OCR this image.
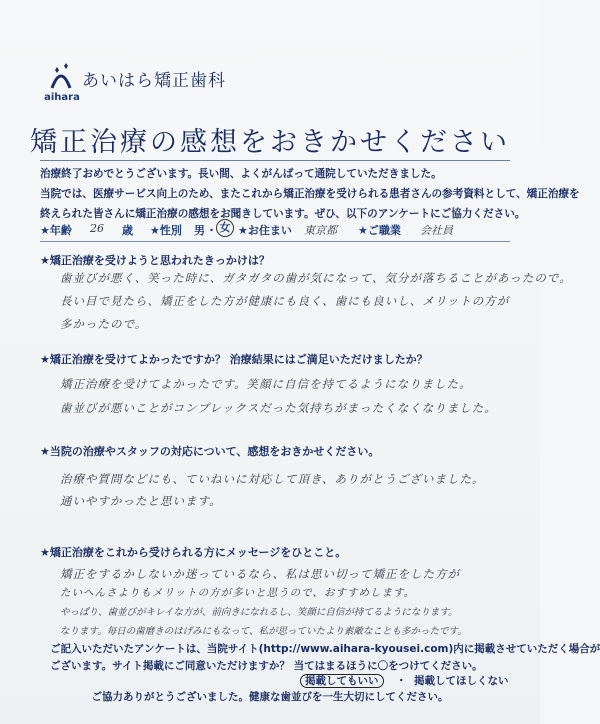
aihara
あいはら矯正歯科
矯正治療の感想をおきかせください

治療終了おめでとうございます。長い間、よくがんばって通院していただきました。

当院では、医療サービス向上のため、またこれから矯正治療を受けられる患者さんの参考資料として、矯正治療を

終えられた皆さんに矯正治療の感想をお聞きしています。ぜひ、以下のアンケートにご協力ください。

★年齢 26 歳 ★性別 男 ・ 女 ★お住まい 東京都 ★ご職業 会社員
★矯正治療を受けようと思われたきっかけは？
歯並びが悪く、笑った時に、ガタガタの歯が気になって、気分が落ちることがあったので。
長い目で見たら、矯正をした方が健康にも良く、歯にも良いし、メリットの方が
多かったので。
★矯正治療を受けてよかったですか？ 治療結果にはご満足いただけましたか？
矯正治療を受けてよかったです。笑顔に自信を持てるようになりました。
歯並びが悪いことがコンプレックスだった気持ちがまったくなくなりました。
★当院の治療やスタッフの対応について、感想をおきかせください。
治療や質問などにも、ていねいに対応して頂き、ありがとうございました。
通いやすかったと思います。
★矯正治療をこれから受けられる方にメッセージをひとこと。
矯正をするかしないか迷っているなら、私は思い切って矯正をした方が
たいへんさよりもメリットの方が多いと思うので、おすすめします。
やっぱり、歯並びがキレイな方が、前向きになれるし、笑顔に自信が持てるようになります。
なります。毎日の歯磨きのはげみにもなって、私が思っていたより素敵なことも多かったです。

ご記入いただいたアンケートは、当院サイト(http://www.aihara-kyousei.com)内に掲載させていただく場合が

ございます。サイト掲載にご同意いただけますか？ 当てはまるほうに〇をつけてください。

掲載してもいい	・ 掲載してほしくない
ご協力ありがとうございました。健康な歯並びを一生大切にしてください。
